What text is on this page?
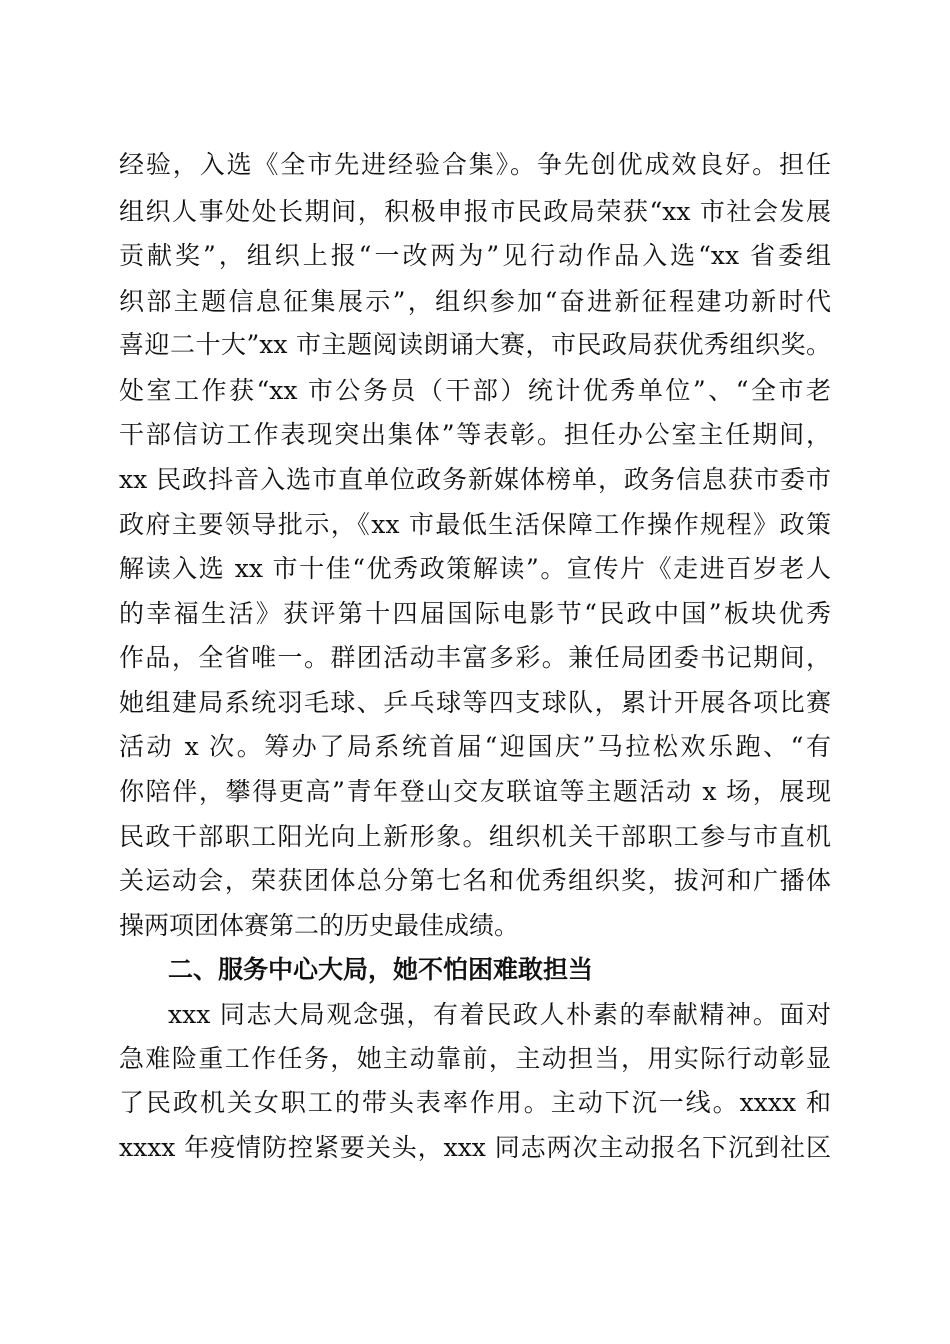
经验，入选《全市先进经验合集》。争先创优成效良好。担任
组织人事处处长期间，积极申报市民政局荣获“xx 市社会发展
贡献奖”，组织上报“一改两为”见行动作品入选“xx 省委组
织部主题信息征集展示”，组织参加“奋进新征程建功新时代
喜迎二十大”xx 市主题阅读朗诵大赛，市民政局获优秀组织奖。
处室工作获“xx 市公务员（干部）统计优秀单位”、“全市老
干部信访工作表现突出集体”等表彰。担任办公室主任期间，
xx 民政抖音入选市直单位政务新媒体榜单，政务信息获市委市
政府主要领导批示，《xx 市最低生活保障工作操作规程》政策
解读入选 xx 市十佳“优秀政策解读”。宣传片《走进百岁老人
的幸福生活》获评第十四届国际电影节“民政中国”板块优秀
作品，全省唯一。群团活动丰富多彩。兼任局团委书记期间，
她组建局系统羽毛球、乒乓球等四支球队，累计开展各项比赛
活动 x 次。筹办了局系统首届“迎国庆”马拉松欢乐跑、“有
你陪伴，攀得更高”青年登山交友联谊等主题活动 x 场，展现
民政干部职工阳光向上新形象。组织机关干部职工参与市直机
关运动会，荣获团体总分第七名和优秀组织奖，拔河和广播体
操两项团体赛第二的历史最佳成绩。
二、服务中心大局，她不怕困难敢担当
xxx 同志大局观念强，有着民政人朴素的奉献精神。面对
急难险重工作任务，她主动靠前，主动担当，用实际行动彰显
了民政机关女职工的带头表率作用。主动下沉一线。xxxx 和
xxxx 年疫情防控紧要关头，xxx 同志两次主动报名下沉到社区
